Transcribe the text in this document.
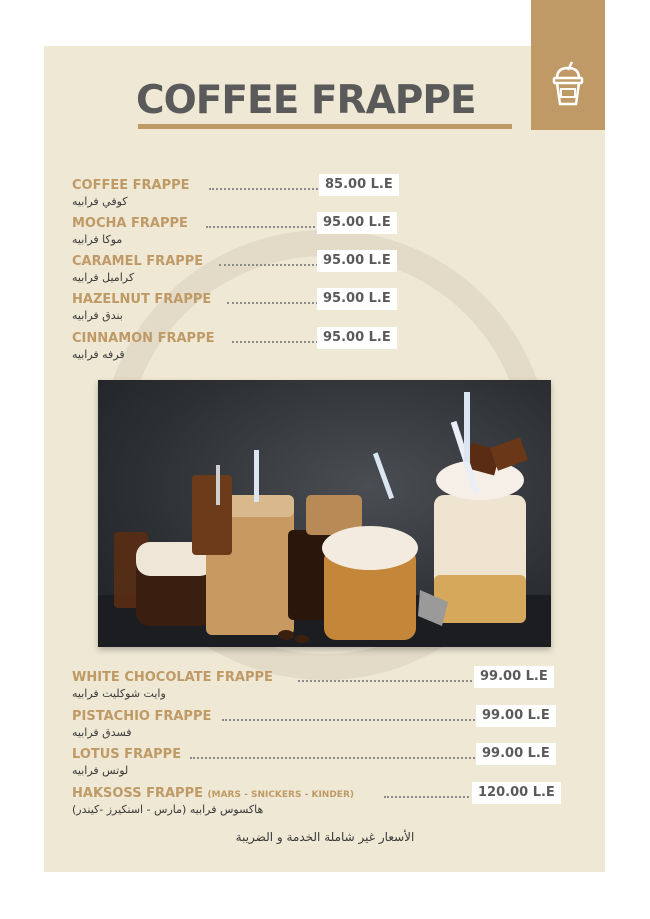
COFFEE FRAPPE
COFFEE FRAPPE	85.00 L.E
كوفي فرابيه
MOCHA FRAPPE	95.00 L.E
موكا فرابيه
CARAMEL FRAPPE	95.00 L.E
كراميل فرابيه
HAZELNUT FRAPPE	95.00 L.E
بندق فرابيه
CINNAMON FRAPPE	95.00 L.E
قرفه فرابيه
WHITE CHOCOLATE FRAPPE	99.00 L.E
وايت شوكليت فرابيه
PISTACHIO FRAPPE	99.00 L.E
فسدق فرابيه
LOTUS FRAPPE	99.00 L.E
لوتس فرابيه
HAKSOSS FRAPPE (MARS - SNICKERS - KINDER)	120.00 L.E
هاكسوس فرابيه (مارس - اسنكيرز -كيندر)
الأسعار غير شاملة الخدمة و الضريبة
